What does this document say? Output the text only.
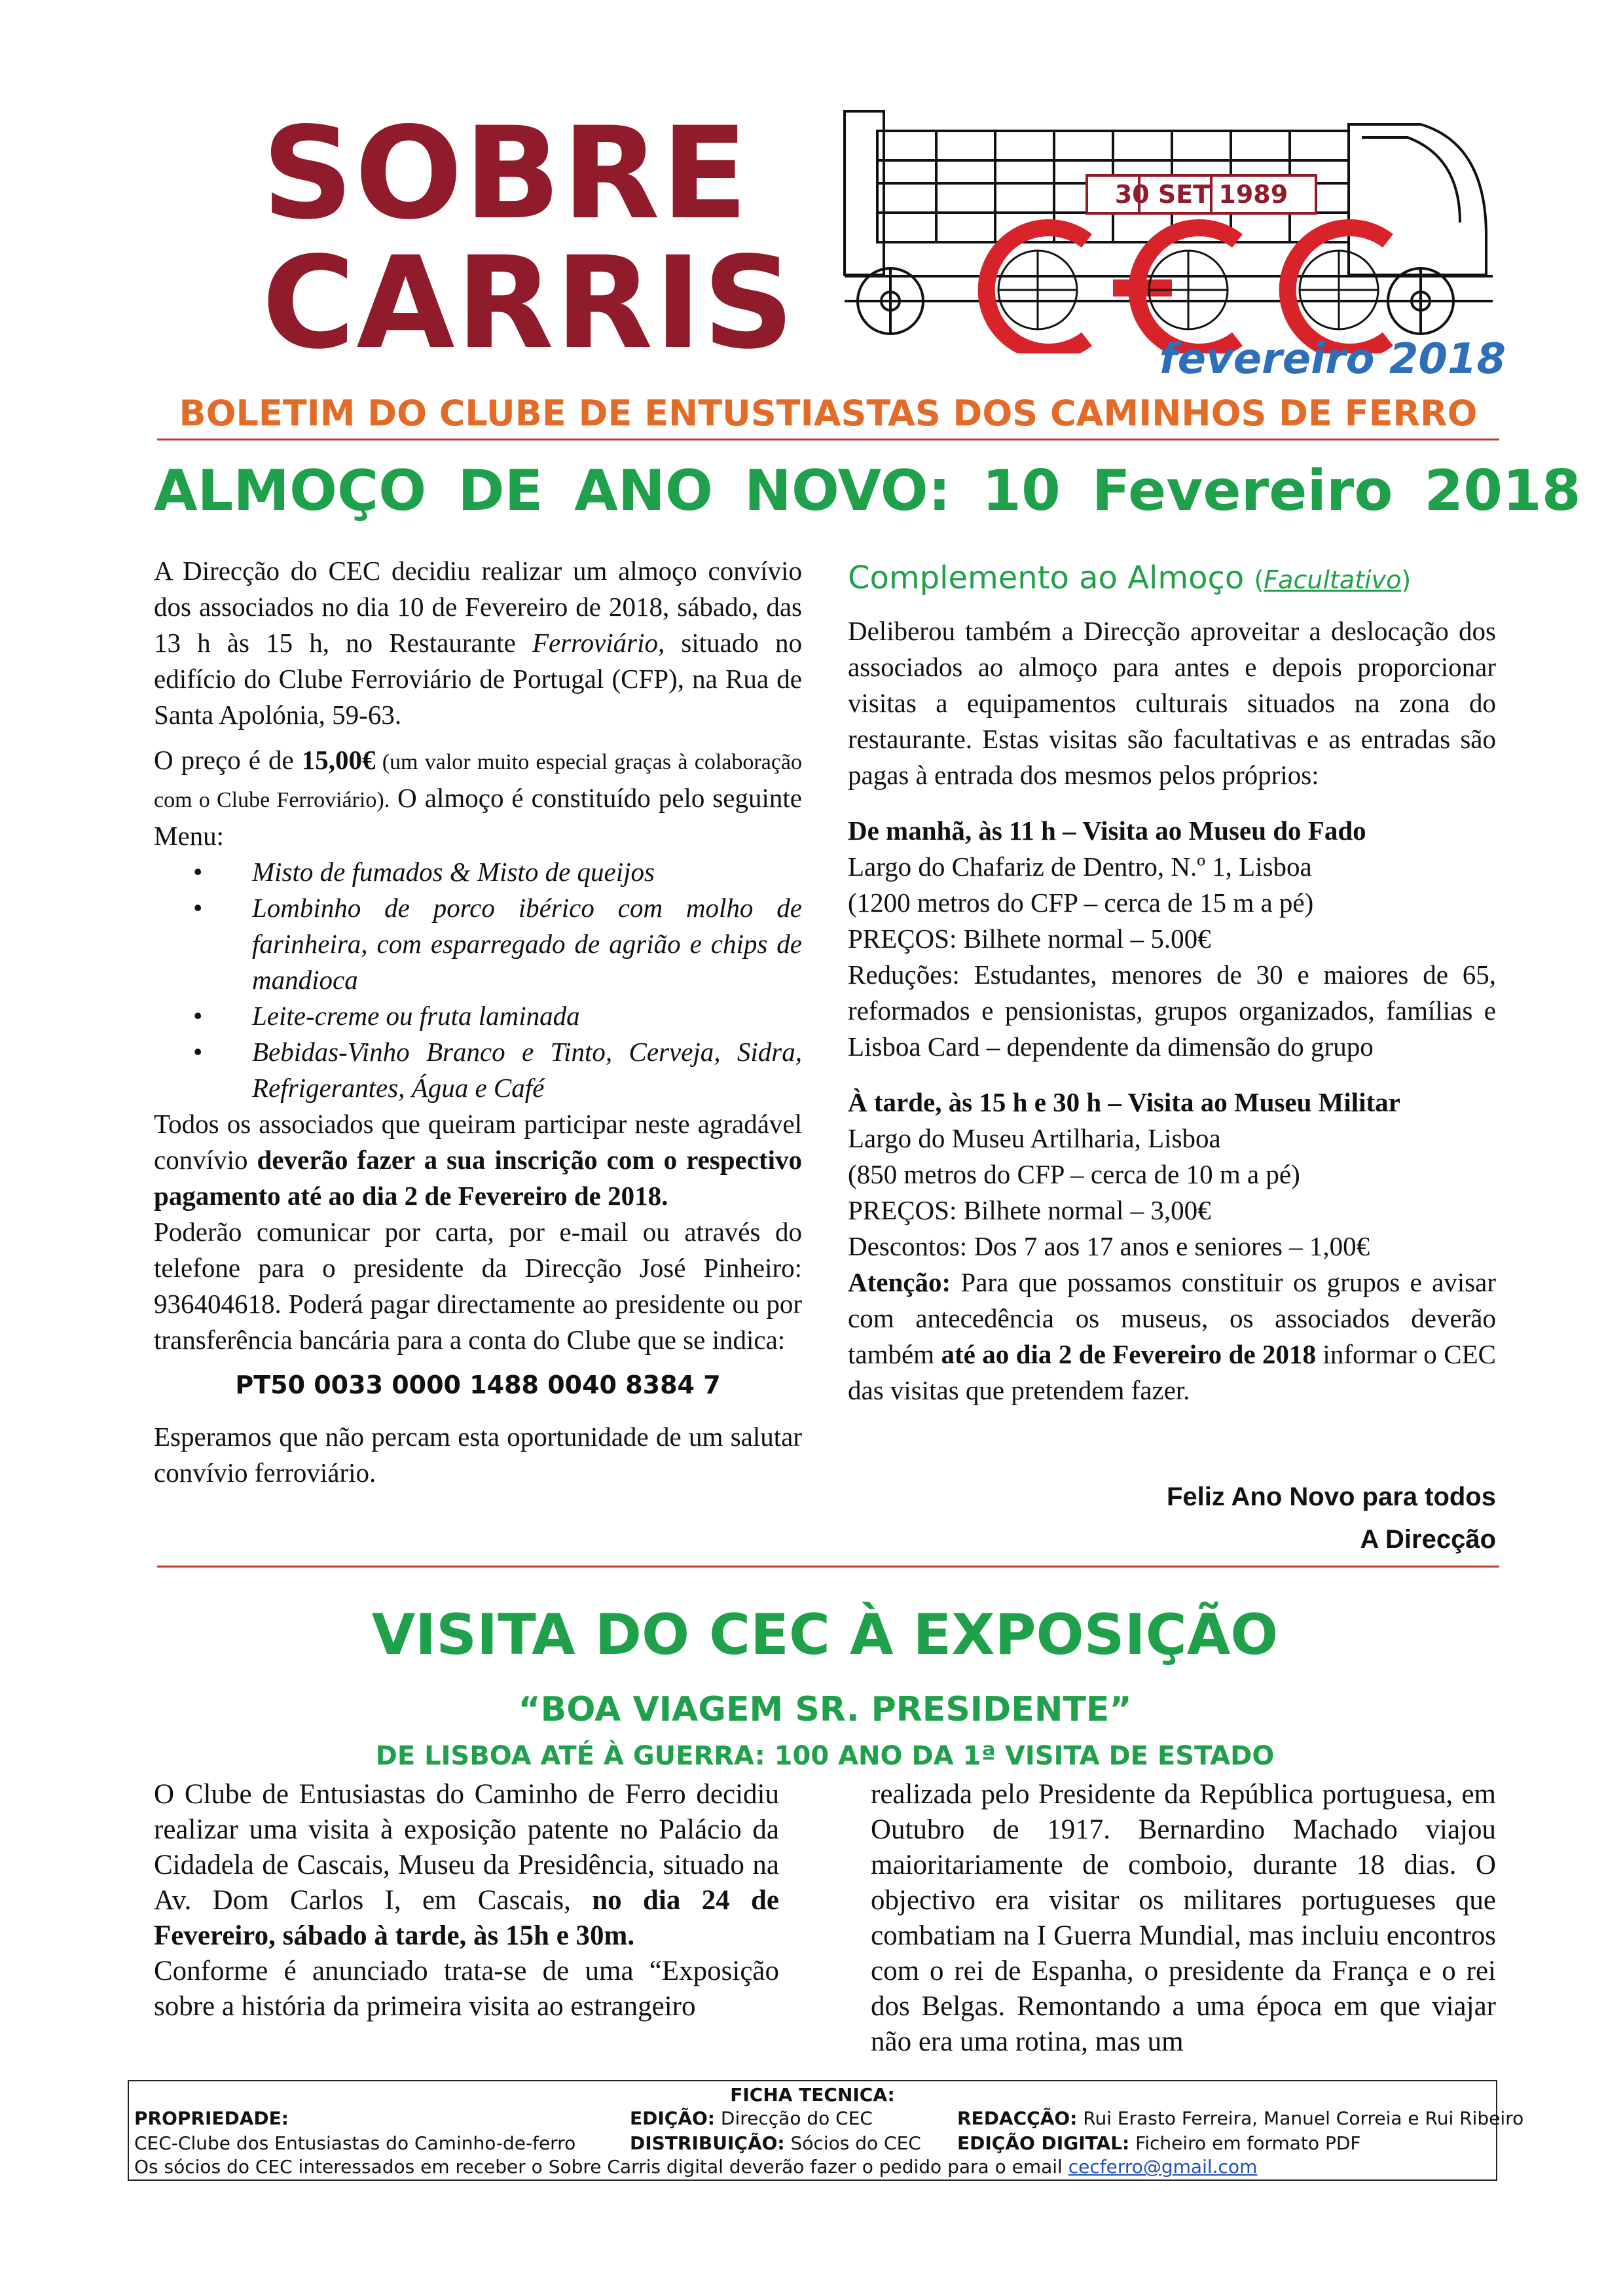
SOBRE
CARRIS
30 SET 1989
fevereiro 2018
BOLETIM DO CLUBE DE ENTUSTIASTAS DOS CAMINHOS DE FERRO
ALMOÇO DE ANO NOVO: 10 Fevereiro 2018

A Direcção do CEC decidiu realizar um almoço convívio dos associados no dia 10 de Fevereiro de 2018, sábado, das 13 h às 15 h, no Restaurante Ferroviário, situado no edifício do Clube Ferroviário de Portugal (CFP), na Rua de Santa Apolónia, 59-63.

O preço é de 15,00€ (um valor muito especial graças à colaboração com o Clube Ferroviário). O almoço é constituído pelo seguinte Menu:

• Misto de fumados & Misto de queijos
• Lombinho de porco ibérico com molho de farinheira, com esparregado de agrião e chips de mandioca
• Leite-creme ou fruta laminada
• Bebidas-Vinho Branco e Tinto, Cerveja, Sidra, Refrigerantes, Água e Café
Todos os associados que queiram participar neste agradável convívio deverão fazer a sua inscrição com o respectivo pagamento até ao dia 2 de Fevereiro de 2018.
Poderão comunicar por carta, por e-mail ou através do telefone para o presidente da Direcção José Pinheiro: 936404618. Poderá pagar directamente ao presidente ou por transferência bancária para a conta do Clube que se indica:
PT50 0033 0000 1488 0040 8384 7
Esperamos que não percam esta oportunidade de um salutar convívio ferroviário.
Complemento ao Almoço (Facultativo)

Deliberou também a Direcção aproveitar a deslocação dos associados ao almoço para antes e depois proporcionar visitas a equipamentos culturais situados na zona do restaurante. Estas visitas são facultativas e as entradas são pagas à entrada dos mesmos pelos próprios:

De manhã, às 11 h – Visita ao Museu do Fado
Largo do Chafariz de Dentro, N.º 1, Lisboa
(1200 metros do CFP – cerca de 15 m a pé)
PREÇOS: Bilhete normal – 5.00€
Reduções: Estudantes, menores de 30 e maiores de 65, reformados e pensionistas, grupos organizados, famílias e Lisboa Card – dependente da dimensão do grupo

À tarde, às 15 h e 30 h – Visita ao Museu Militar
Largo do Museu Artilharia, Lisboa
(850 metros do CFP – cerca de 10 m a pé)
PREÇOS: Bilhete normal – 3,00€
Descontos: Dos 7 aos 17 anos e seniores – 1,00€
Atenção: Para que possamos constituir os grupos e avisar com antecedência os museus, os associados deverão também até ao dia 2 de Fevereiro de 2018 informar o CEC das visitas que pretendem fazer.

Feliz Ano Novo para todos
A Direcção
VISITA DO CEC À EXPOSIÇÃO
“BOA VIAGEM SR. PRESIDENTE”
DE LISBOA ATÉ À GUERRA: 100 ANO DA 1ª VISITA DE ESTADO
O Clube de Entusiastas do Caminho de Ferro decidiu realizar uma visita à exposição patente no Palácio da Cidadela de Cascais, Museu da Presidência, situado na Av. Dom Carlos I, em Cascais, no dia 24 de Fevereiro, sábado à tarde, às 15h e 30m.
Conforme é anunciado trata-se de uma “Exposição sobre a história da primeira visita ao estrangeiro
realizada pelo Presidente da República portuguesa, em Outubro de 1917. Bernardino Machado viajou maioritariamente de comboio, durante 18 dias. O objectivo era visitar os militares portugueses que combatiam na I Guerra Mundial, mas incluiu encontros com o rei de Espanha, o presidente da França e o rei dos Belgas. Remontando a uma época em que viajar não era uma rotina, mas um
FICHA TECNICA:
PROPRIEDADE:
CEC-Clube dos Entusiastas do Caminho-de-ferro
EDIÇÃO: Direcção do CEC
DISTRIBUIÇÃO: Sócios do CEC
REDACÇÃO: Rui Erasto Ferreira, Manuel Correia e Rui Ribeiro
EDIÇÃO DIGITAL: Ficheiro em formato PDF
Os sócios do CEC interessados em receber o Sobre Carris digital deverão fazer o pedido para o email cecferro@gmail.com
